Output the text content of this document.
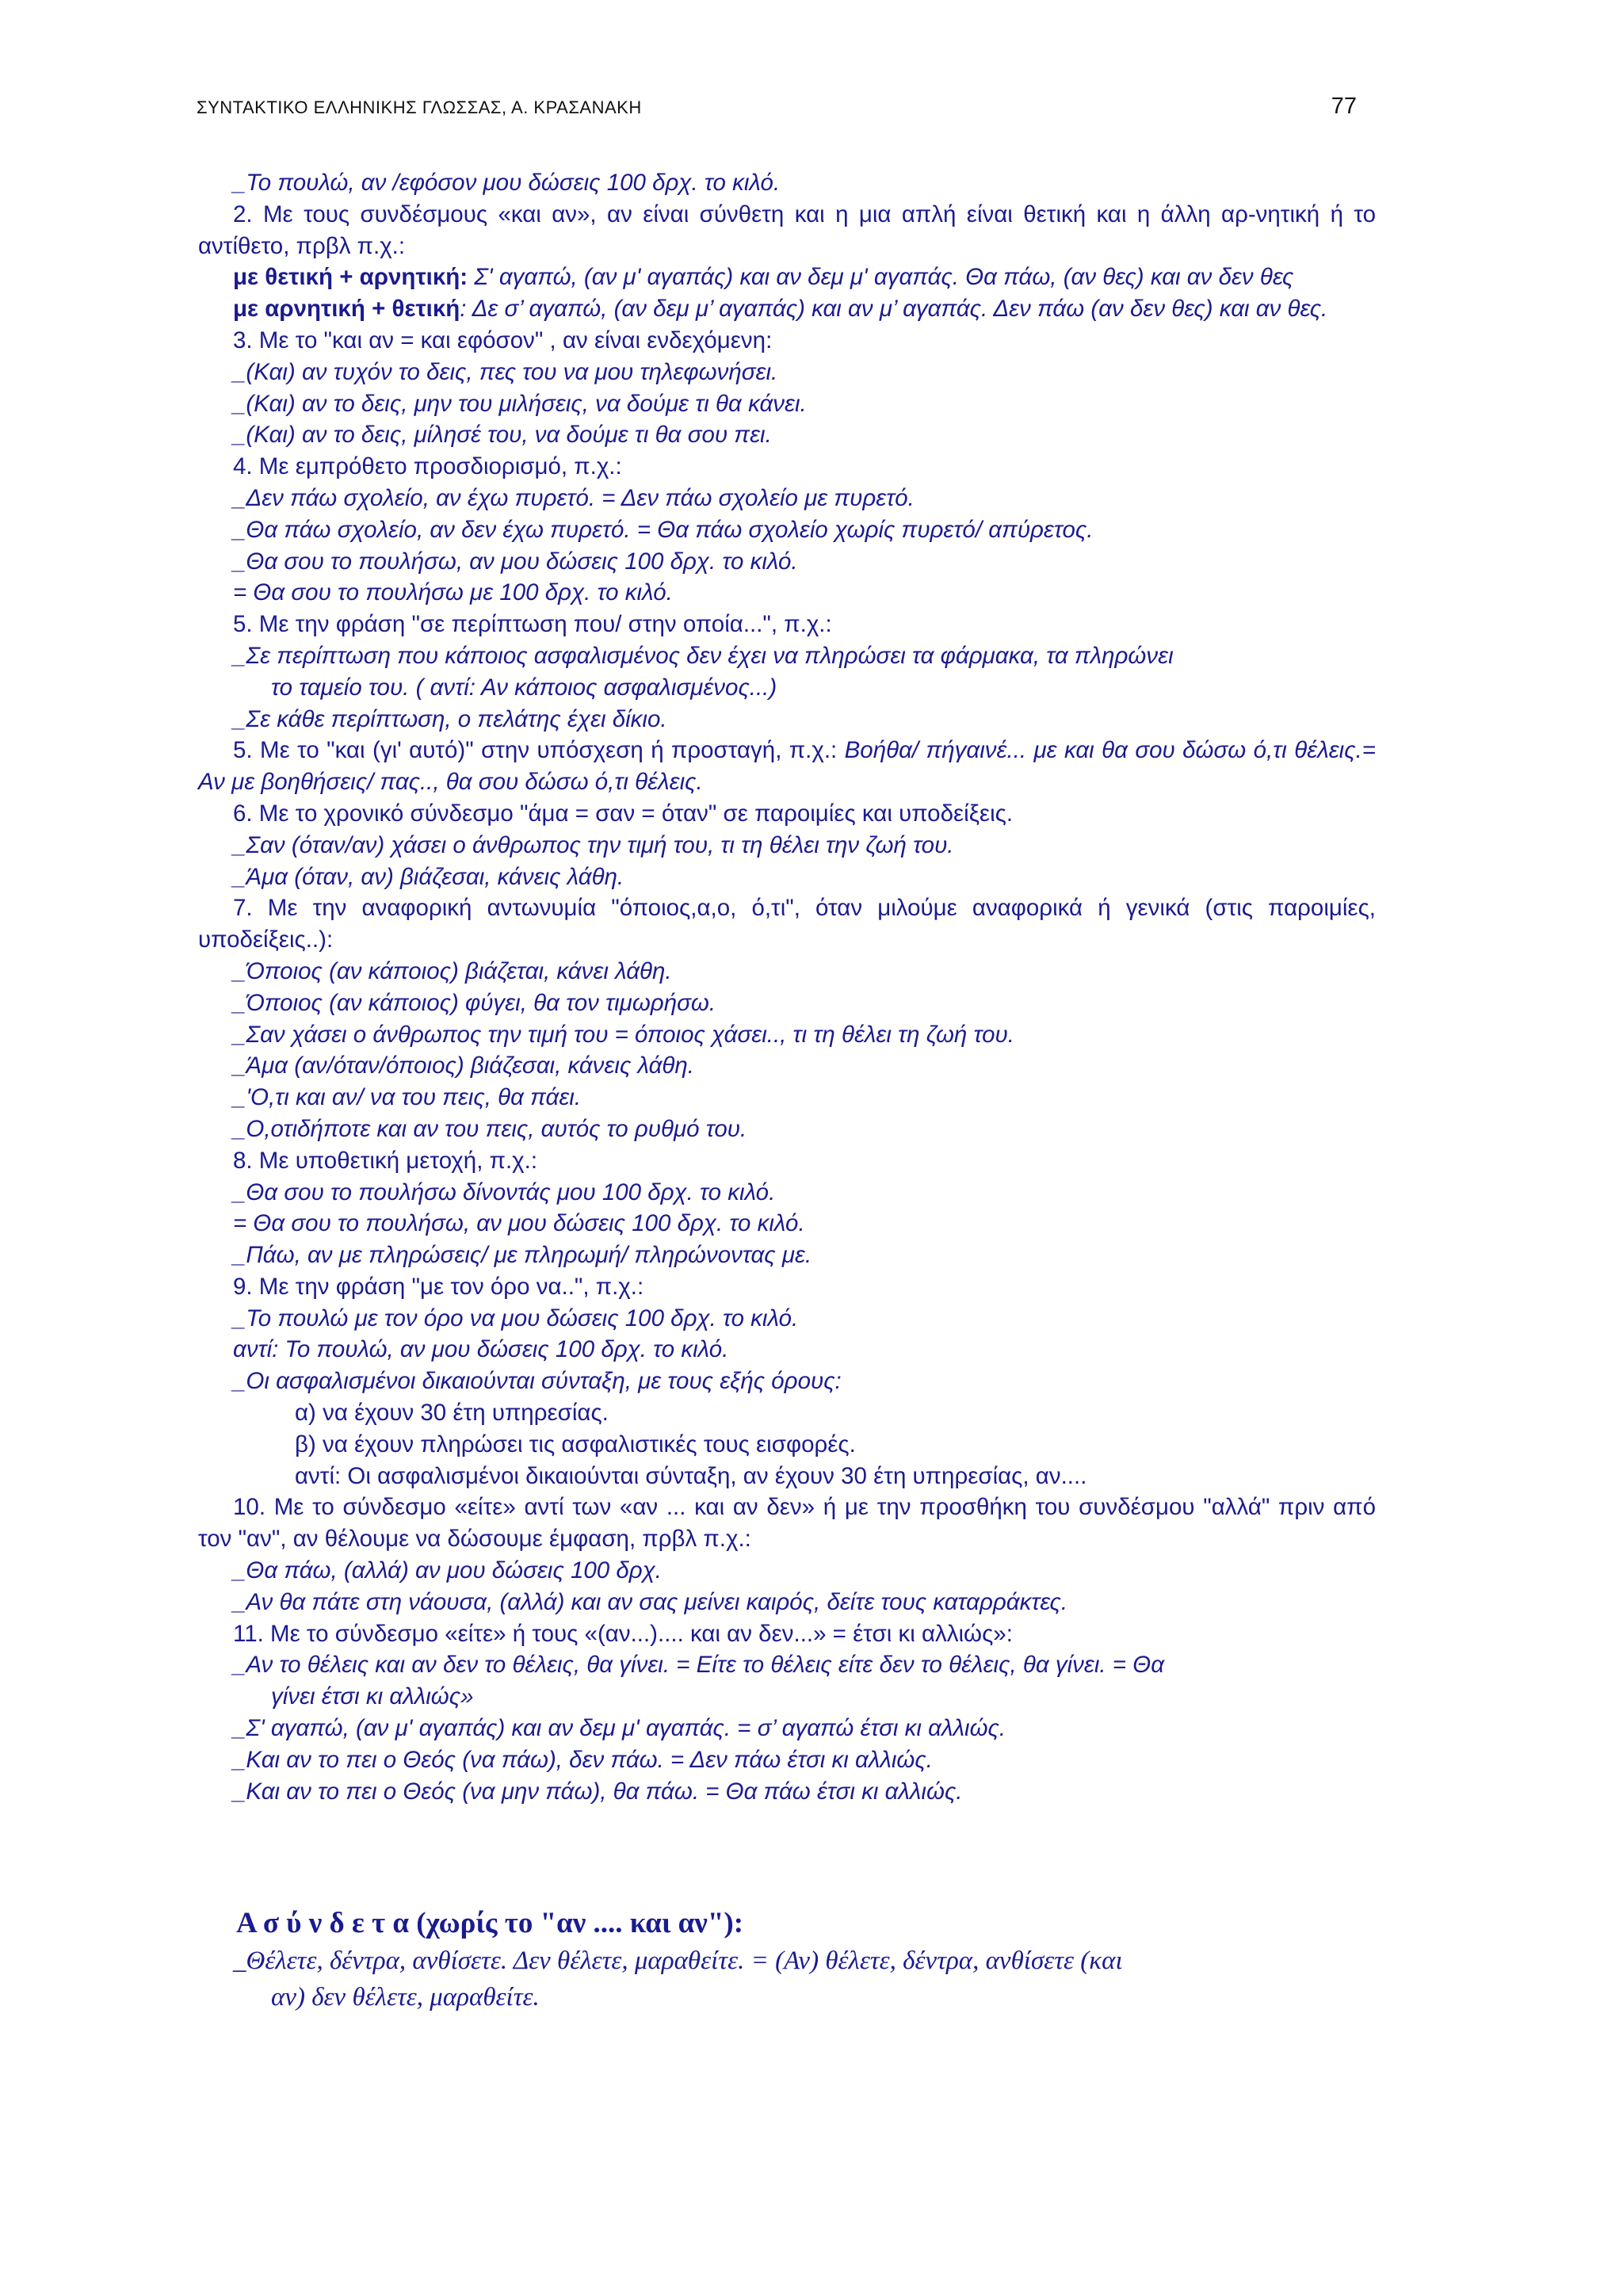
ΣΥΝΤΑΚΤΙΚΟ ΕΛΛΗΝΙΚΗΣ ΓΛΩΣΣΑΣ, Α. ΚΡΑΣΑΝΑΚΗ	77

_Το πουλώ, αν /εφόσον μου δώσεις 100 δρχ. το κιλό.

2. Με τους συνδέσμους «και αν», αν είναι σύνθετη και η μια απλή είναι θετική και η άλλη αρ-νητική ή το αντίθετο, πρβλ π.χ.:

με θετική + αρνητική: Σ' αγαπώ, (αν μ' αγαπάς) και αν δεμ μ' αγαπάς. Θα πάω, (αν θες) και αν δεν θες

με αρνητική + θετική: Δε σ’ αγαπώ, (αν δεμ μ’ αγαπάς) και αν μ’ αγαπάς. Δεν πάω (αν δεν θες) και αν θες.

3. Με το "και αν = και εφόσον" , αν είναι ενδεχόμενη:

_(Και) αν τυχόν το δεις, πες του να μου τηλεφωνήσει.

_(Και) αν το δεις, μην του μιλήσεις, να δούμε τι θα κάνει.

_(Και) αν το δεις, μίλησέ του, να δούμε τι θα σου πει.

4. Με εμπρόθετο προσδιορισμό, π.χ.:

_Δεν πάω σχολείο, αν έχω πυρετό. = Δεν πάω σχολείο με πυρετό.

_Θα πάω σχολείο, αν δεν έχω πυρετό. = Θα πάω σχολείο χωρίς πυρετό/ απύρετος.

_Θα σου το πουλήσω, αν μου δώσεις 100 δρχ. το κιλό.

= Θα σου το πουλήσω με 100 δρχ. το κιλό.

5. Με την φράση "σε περίπτωση που/ στην οποία...", π.χ.:

_Σε περίπτωση που κάποιος ασφαλισμένος δεν έχει να πληρώσει τα φάρμακα, τα πληρώνει
το ταμείο του. ( αντί: Αν κάποιος ασφαλισμένος...)

_Σε κάθε περίπτωση, ο πελάτης έχει δίκιο.

5. Με το "και (γι' αυτό)" στην υπόσχεση ή προσταγή, π.χ.: Βοήθα/ πήγαινέ... με και θα σου δώσω ό,τι θέλεις.= Αν με βοηθήσεις/ πας.., θα σου δώσω ό,τι θέλεις.

6. Με το χρονικό σύνδεσμο "άμα = σαν = όταν" σε παροιμίες και υποδείξεις.

_Σαν (όταν/αν) χάσει ο άνθρωπος την τιμή του, τι τη θέλει την ζωή του.

_Άμα (όταν, αν) βιάζεσαι, κάνεις λάθη.

7. Με την αναφορική αντωνυμία "όποιος,α,ο, ό,τι", όταν μιλούμε αναφορικά ή γενικά (στις παροιμίες, υποδείξεις..):

_Όποιος (αν κάποιος) βιάζεται, κάνει λάθη.

_Όποιος (αν κάποιος) φύγει, θα τον τιμωρήσω.

_Σαν χάσει ο άνθρωπος την τιμή του = όποιος χάσει.., τι τη θέλει τη ζωή του.

_Άμα (αν/όταν/όποιος) βιάζεσαι, κάνεις λάθη.

_'Ο,τι και αν/ να του πεις, θα πάει.

_Ο,οτιδήποτε και αν του πεις, αυτός το ρυθμό του.

8. Με υποθετική μετοχή, π.χ.:

_Θα σου το πουλήσω δίνοντάς μου 100 δρχ. το κιλό.

= Θα σου το πουλήσω, αν μου δώσεις 100 δρχ. το κιλό.

_Πάω, αν με πληρώσεις/ με πληρωμή/ πληρώνοντας με.

9. Με την φράση "με τον όρο να..", π.χ.:

_Το πουλώ με τον όρο να μου δώσεις 100 δρχ. το κιλό.

αντί: Το πουλώ, αν μου δώσεις 100 δρχ. το κιλό.

_Οι ασφαλισμένοι δικαιούνται σύνταξη, με τους εξής όρους:

α) να έχουν 30 έτη υπηρεσίας.

β) να έχουν πληρώσει τις ασφαλιστικές τους εισφορές.

αντί: Οι ασφαλισμένοι δικαιούνται σύνταξη, αν έχουν 30 έτη υπηρεσίας, αν....

10. Με το σύνδεσμο «είτε» αντί των «αν ... και αν δεν» ή με την προσθήκη του συνδέσμου "αλλά" πριν από τον "αν", αν θέλουμε να δώσουμε έμφαση, πρβλ π.χ.:

_Θα πάω, (αλλά) αν μου δώσεις 100 δρχ.

_Αν θα πάτε στη νάουσα, (αλλά) και αν σας μείνει καιρός, δείτε τους καταρράκτες.

11. Με το σύνδεσμο «είτε» ή τους «(αν...).... και αν δεν...» = έτσι κι αλλιώς»:

_Αν το θέλεις και αν δεν το θέλεις, θα γίνει. = Είτε το θέλεις είτε δεν το θέλεις, θα γίνει. = Θα
γίνει έτσι κι αλλιώς»

_Σ' αγαπώ, (αν μ' αγαπάς) και αν δεμ μ' αγαπάς. = σ’ αγαπώ έτσι κι αλλιώς.

_Και αν το πει ο Θεός (να πάω), δεν πάω. = Δεν πάω έτσι κι αλλιώς.

_Και αν το πει ο Θεός (να μην πάω), θα πάω. = Θα πάω έτσι κι αλλιώς.

Α σ ύ ν δ ε τ α (χωρίς το "αν .... και αν"):

_Θέλετε, δέντρα, ανθίσετε. Δεν θέλετε, μαραθείτε. = (Αν) θέλετε, δέντρα, ανθίσετε (και
αν) δεν θέλετε, μαραθείτε.
